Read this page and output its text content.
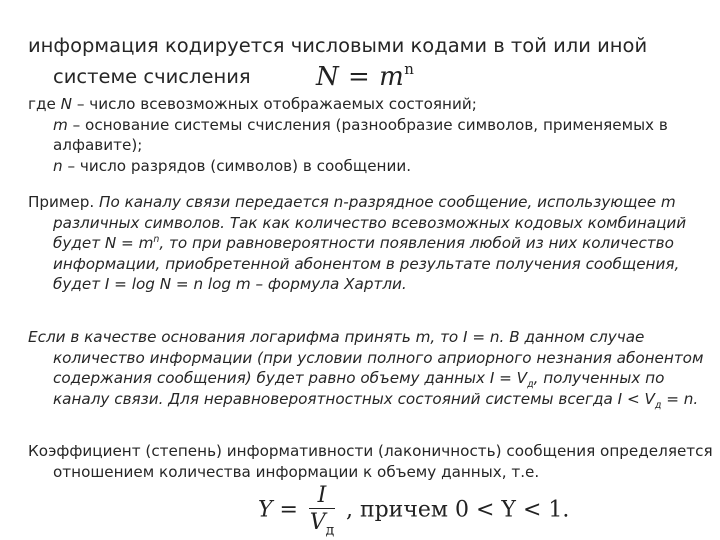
информация кодируется числовыми кодами в той или иной
системе счисления	$N = m^n$
где N – число всевозможных отображаемых состояний;
m – основание системы счисления (разнообразие символов, применяемых в алфавите);
n – число разрядов (символов) в сообщении.
Пример. По каналу связи передается n-разрядное сообщение, использующее m различных символов. Так как количество всевозможных кодовых комбинаций будет $N = m^n$, то при равновероятности появления любой из них количество информации, приобретенной абонентом в результате получения сообщения, будет I = log N = n log m – формула Хартли.
Если в качестве основания логарифма принять m, то I = n. В данном случае количество информации (при условии полного априорного незнания абонентом содержания сообщения) будет равно объему данных $I = V_д$, полученных по каналу связи. Для неравновероятностных состояний системы всегда $I < V_д = n$.
Коэффициент (степень) информативности (лаконичность) сообщения определяется отношением количества информации к объему данных, т.е.
$Y = \frac{I}{V_д}$ , причем 0 < Y < 1.
